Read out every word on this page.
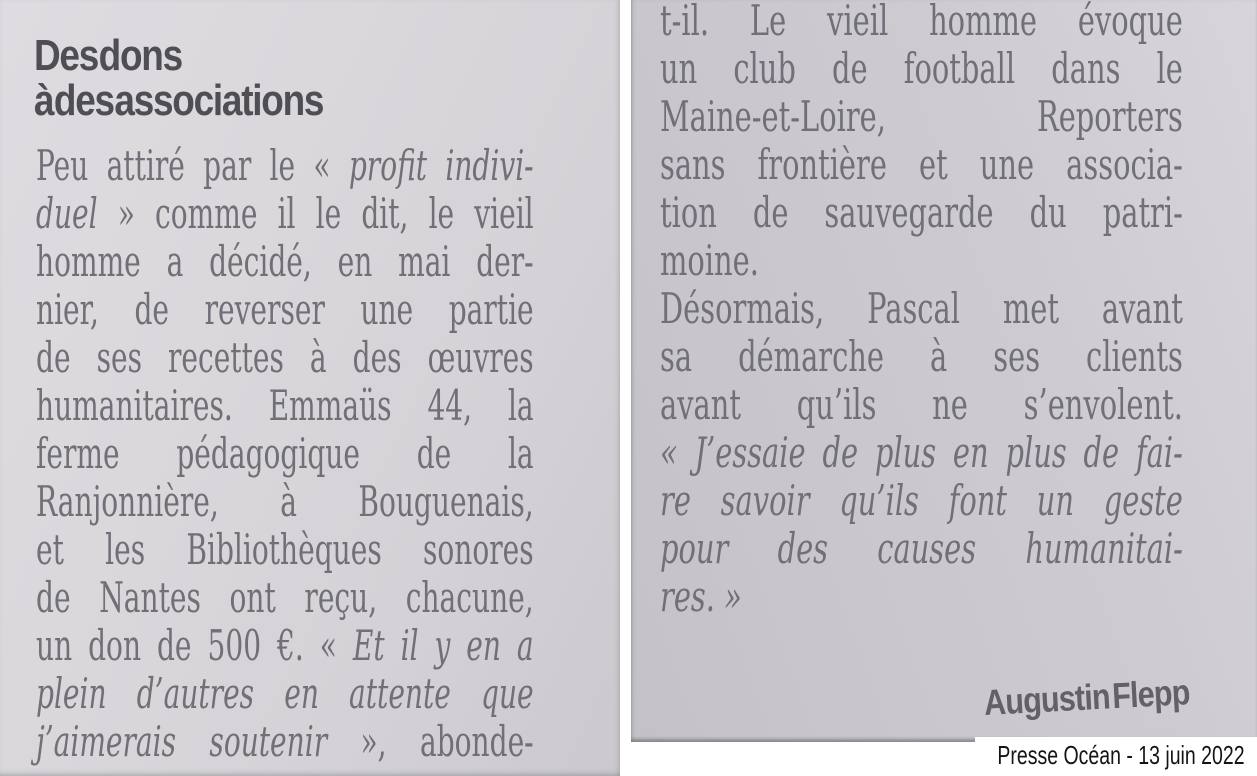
Des dons
à des associations
Peu attiré par le « profit indivi-
duel » comme il le dit, le vieil
homme a décidé, en mai der-
nier, de reverser une partie
de ses recettes à des œuvres
humanitaires. Emmaüs 44, la
ferme pédagogique de la
Ranjonnière, à Bouguenais,
et les Bibliothèques sonores
de Nantes ont reçu, chacune,
un don de 500 €. « Et il y en a
plein d’autres en attente que
j’aimerais soutenir », abonde-
t-il. Le vieil homme évoque
un club de football dans le
Maine-et-Loire, Reporters
sans frontière et une associa-
tion de sauvegarde du patri-
moine.
Désormais, Pascal met avant
sa démarche à ses clients
avant qu’ils ne s’envolent.
« J’essaie de plus en plus de fai-
re savoir qu’ils font un geste
pour des causes humanitai-
res. »
Augustin Flepp
Presse Océan - 13 juin 2022
